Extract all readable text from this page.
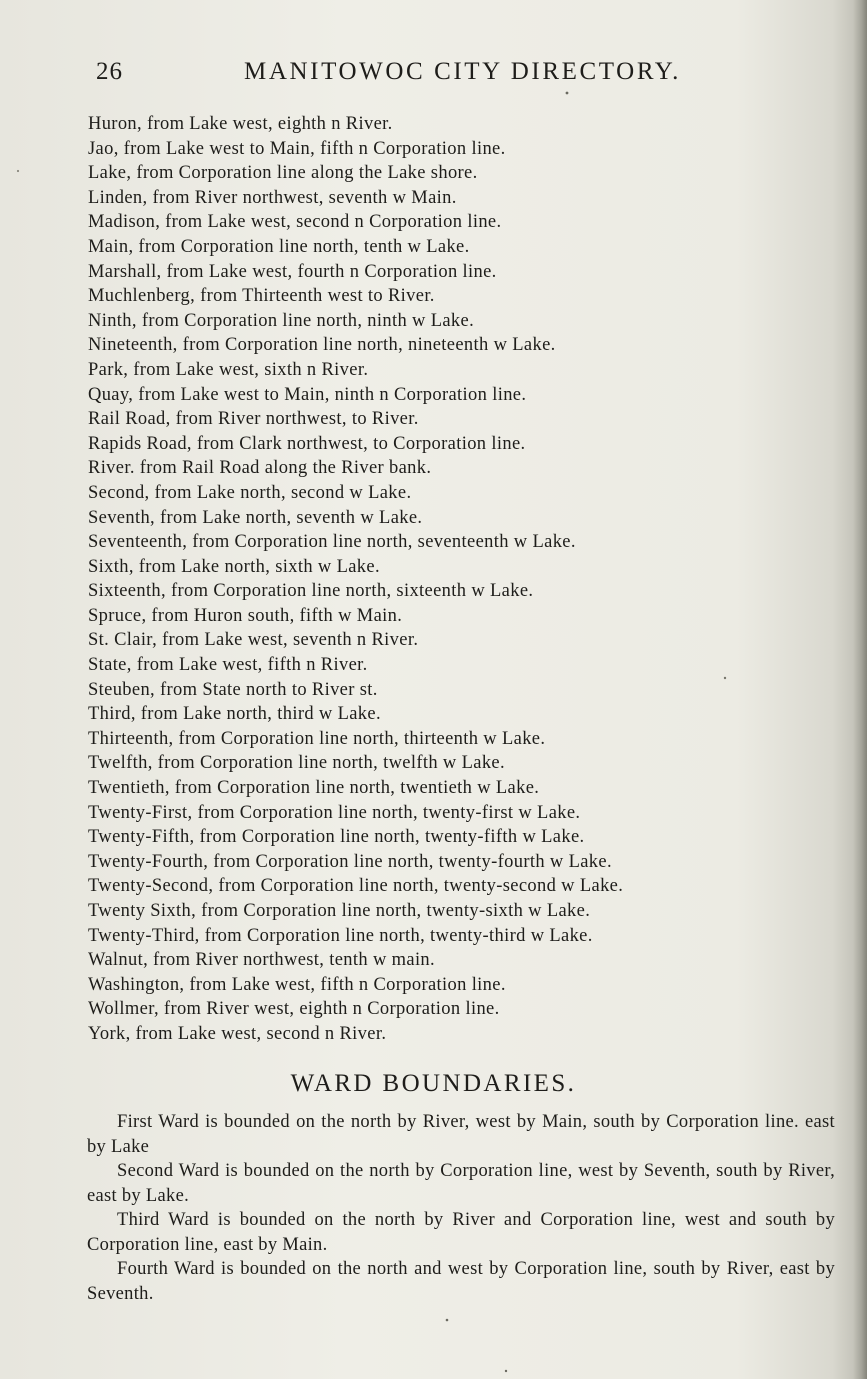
26	MANITOWOC CITY DIRECTORY.
Huron, from Lake west, eighth n River.
Jao, from Lake west to Main, fifth n Corporation line.
Lake, from Corporation line along the Lake shore.
Linden, from River northwest, seventh w Main.
Madison, from Lake west, second n Corporation line.
Main, from Corporation line north, tenth w Lake.
Marshall, from Lake west, fourth n Corporation line.
Muchlenberg, from Thirteenth west to River.
Ninth, from Corporation line north, ninth w Lake.
Nineteenth, from Corporation line north, nineteenth w Lake.
Park, from Lake west, sixth n River.
Quay, from Lake west to Main, ninth n Corporation line.
Rail Road, from River northwest, to River.
Rapids Road, from Clark northwest, to Corporation line.
River. from Rail Road along the River bank.
Second, from Lake north, second w Lake.
Seventh, from Lake north, seventh w Lake.
Seventeenth, from Corporation line north, seventeenth w Lake.
Sixth, from Lake north, sixth w Lake.
Sixteenth, from Corporation line north, sixteenth w Lake.
Spruce, from Huron south, fifth w Main.
St. Clair, from Lake west, seventh n River.
State, from Lake west, fifth n River.
Steuben, from State north to River st.
Third, from Lake north, third w Lake.
Thirteenth, from Corporation line north, thirteenth w Lake.
Twelfth, from Corporation line north, twelfth w Lake.
Twentieth, from Corporation line north, twentieth w Lake.
Twenty-First, from Corporation line north, twenty-first w Lake.
Twenty-Fifth, from Corporation line north, twenty-fifth w Lake.
Twenty-Fourth, from Corporation line north, twenty-fourth w Lake.
Twenty-Second, from Corporation line north, twenty-second w Lake.
Twenty Sixth, from Corporation line north, twenty-sixth w Lake.
Twenty-Third, from Corporation line north, twenty-third w Lake.
Walnut, from River northwest, tenth w main.
Washington, from Lake west, fifth n Corporation line.
Wollmer, from River west, eighth n Corporation line.
York, from Lake west, second n River.
WARD BOUNDARIES.

First Ward is bounded on the north by River, west by Main, south by Corporation line. east by Lake

Second Ward is bounded on the north by Corporation line, west by Seventh, south by River, east by Lake.

Third Ward is bounded on the north by River and Corporation line, west and south by Corporation line, east by Main.

Fourth Ward is bounded on the north and west by Corporation line, south by River, east by Seventh.
